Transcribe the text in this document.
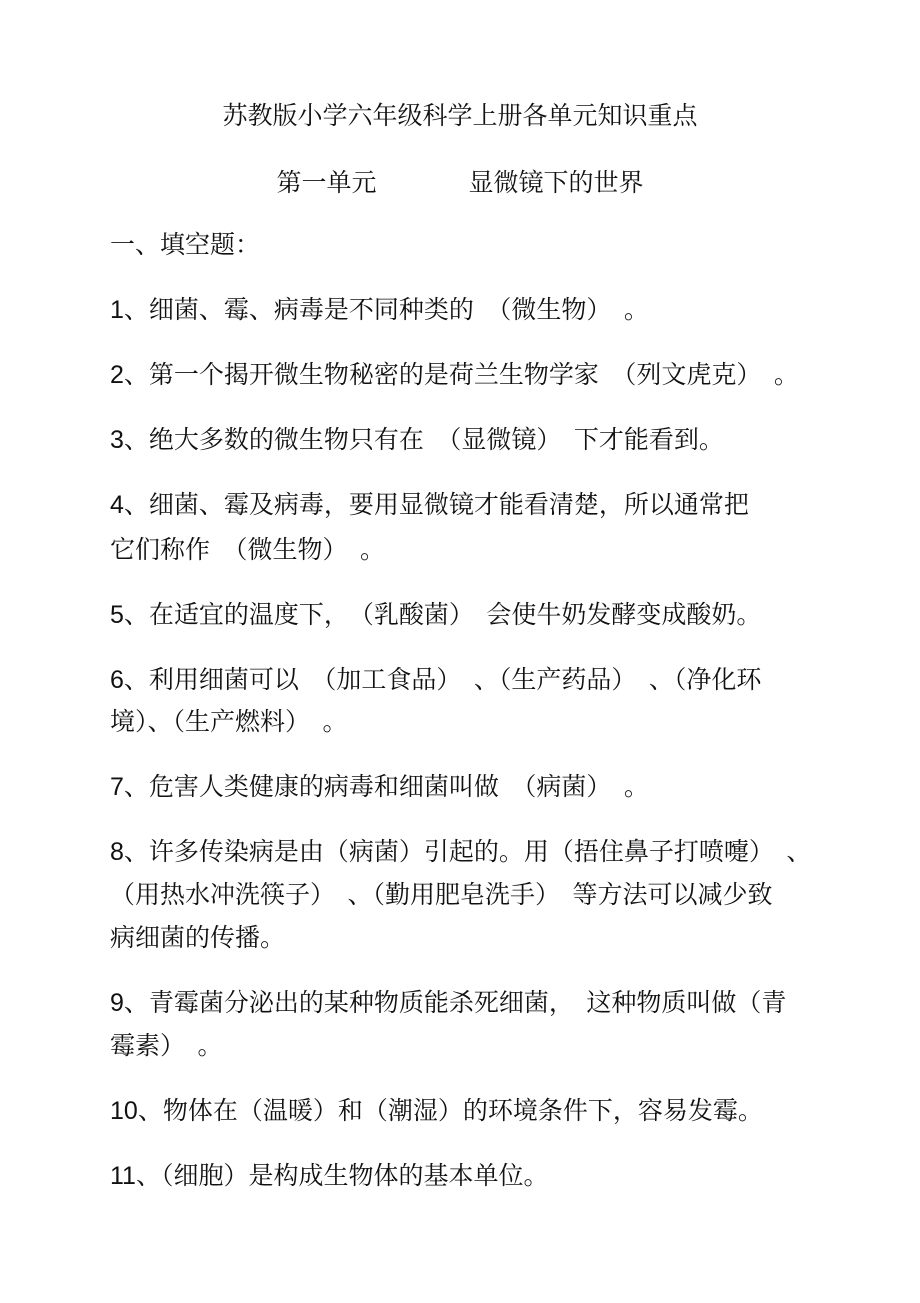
苏教版小学六年级科学上册各单元知识重点
第一单元	显微镜下的世界
一、填空题：
1、细菌、霉、病毒是不同种类的　（微生物）　。
2、第一个揭开微生物秘密的是荷兰生物学家　（列文虎克）　。
3、绝大多数的微生物只有在　（显微镜）　下才能看到。
4、细菌、霉及病毒，要用显微镜才能看清楚，所以通常把
它们称作　（微生物）　。
5、在适宜的温度下，　（乳酸菌）　会使牛奶发酵变成酸奶。
6、利用细菌可以　（加工食品）　、（生产药品）　、（净化环
境）、（生产燃料）　。
7、危害人类健康的病毒和细菌叫做　（病菌）　。
8、许多传染病是由（病菌）引起的。用（捂住鼻子打喷嚏）　、
（用热水冲洗筷子）　、（勤用肥皂洗手）　等方法可以减少致
病细菌的传播。
9、青霉菌分泌出的某种物质能杀死细菌，　这种物质叫做（青
霉素）　。
10、物体在（温暖）和（潮湿）的环境条件下，容易发霉。
11、（细胞）是构成生物体的基本单位。
